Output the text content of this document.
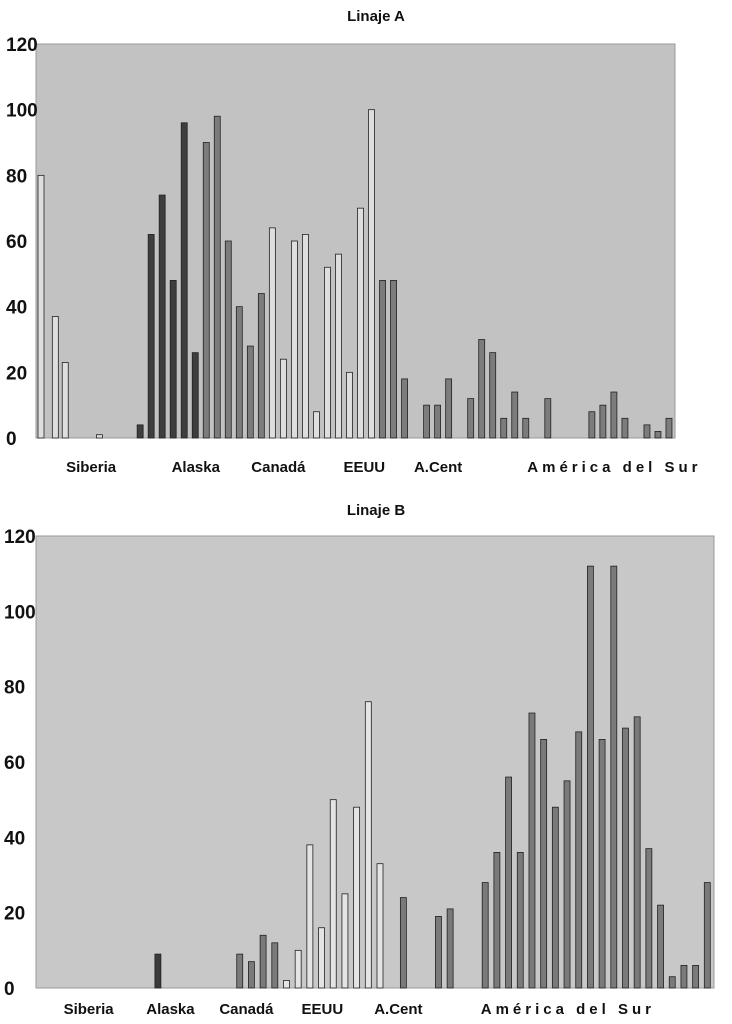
Linaje A
0
20
40
60
80
100
120
Siberia	Alaska Canadá	EEUU A.Cent	América del Sur
Linaje B
0
20
40
60
80
100
120
Siberia Alaska Canadá EEUU A.Cent	América del Sur
